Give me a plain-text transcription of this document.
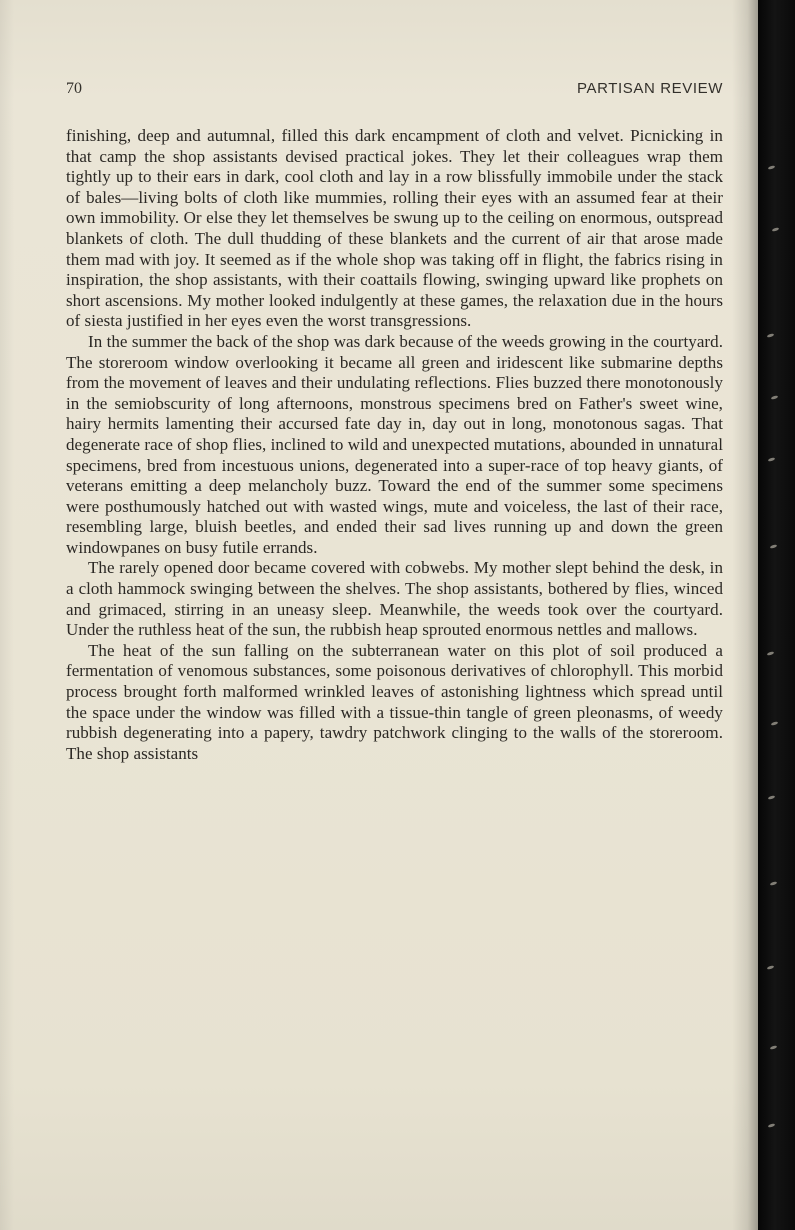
70	PARTISAN REVIEW

finishing, deep and autumnal, filled this dark encampment of cloth and velvet. Picnicking in that camp the shop assistants devised practical jokes. They let their colleagues wrap them tightly up to their ears in dark, cool cloth and lay in a row blissfully immobile under the stack of bales—living bolts of cloth like mummies, rolling their eyes with an assumed fear at their own immobility. Or else they let themselves be swung up to the ceiling on enormous, outspread blankets of cloth. The dull thudding of these blankets and the current of air that arose made them mad with joy. It seemed as if the whole shop was taking off in flight, the fabrics rising in inspiration, the shop assistants, with their coattails flowing, swinging upward like prophets on short ascensions. My mother looked indulgently at these games, the relaxation due in the hours of siesta justified in her eyes even the worst transgressions.

In the summer the back of the shop was dark because of the weeds growing in the courtyard. The storeroom window overlooking it became all green and iridescent like submarine depths from the movement of leaves and their undulating reflections. Flies buzzed there monotonously in the semiobscurity of long afternoons, monstrous specimens bred on Father's sweet wine, hairy hermits lamenting their accursed fate day in, day out in long, monotonous sagas. That degenerate race of shop flies, inclined to wild and unexpected mutations, abounded in unnatural specimens, bred from incestuous unions, degenerated into a super-race of top heavy giants, of veterans emitting a deep melancholy buzz. Toward the end of the summer some specimens were posthumously hatched out with wasted wings, mute and voiceless, the last of their race, resembling large, bluish beetles, and ended their sad lives running up and down the green windowpanes on busy futile errands.

The rarely opened door became covered with cobwebs. My mother slept behind the desk, in a cloth hammock swinging between the shelves. The shop assistants, bothered by flies, winced and grimaced, stirring in an uneasy sleep. Meanwhile, the weeds took over the courtyard. Under the ruthless heat of the sun, the rubbish heap sprouted enormous nettles and mallows.

The heat of the sun falling on the subterranean water on this plot of soil produced a fermentation of venomous substances, some poisonous derivatives of chlorophyll. This morbid process brought forth malformed wrinkled leaves of astonishing lightness which spread until the space under the window was filled with a tissue-thin tangle of green pleonasms, of weedy rubbish degenerating into a papery, tawdry patchwork clinging to the walls of the storeroom. The shop assistants
